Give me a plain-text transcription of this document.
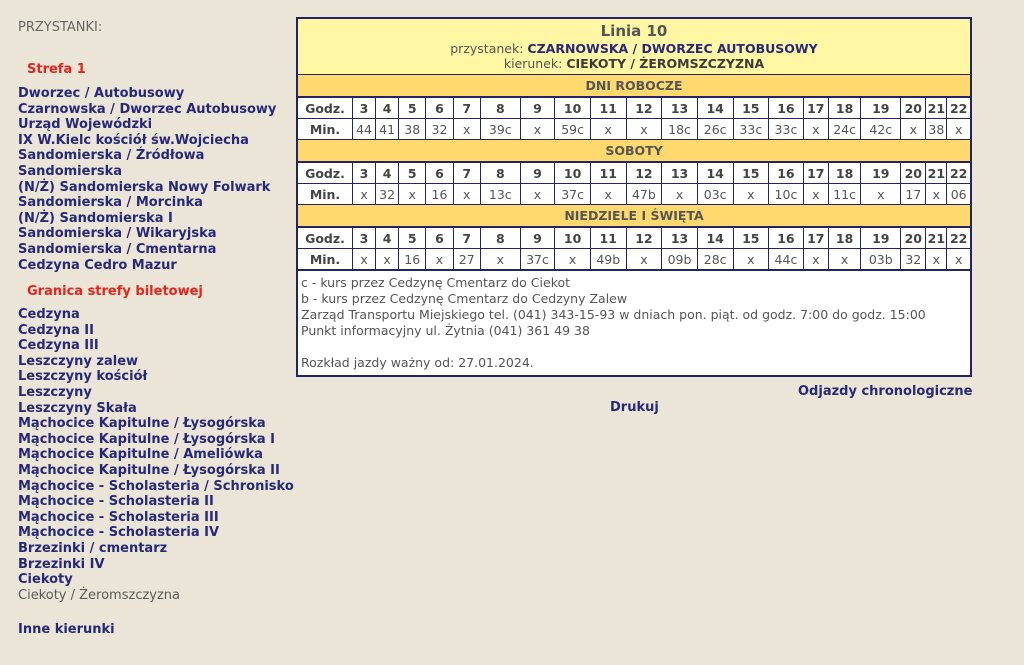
PRZYSTANKI:
Strefa 1
Dworzec / Autobusowy
Czarnowska / Dworzec Autobusowy
Urząd Wojewódzki
IX W.Kielc kościół św.Wojciecha
Sandomierska / Źródłowa
Sandomierska
(N/Ż) Sandomierska Nowy Folwark
Sandomierska / Morcinka
(N/Ż) Sandomierska I
Sandomierska / Wikaryjska
Sandomierska / Cmentarna
Cedzyna Cedro Mazur
Granica strefy biletowej
Cedzyna
Cedzyna II
Cedzyna III
Leszczyny zalew
Leszczyny kościół
Leszczyny
Leszczyny Skała
Mąchocice Kapitulne / Łysogórska
Mąchocice Kapitulne / Łysogórska I
Mąchocice Kapitulne / Ameliówka
Mąchocice Kapitulne / Łysogórska II
Mąchocice - Scholasteria / Schronisko
Mąchocice - Scholasteria II
Mąchocice - Scholasteria III
Mąchocice - Scholasteria IV
Brzezinki / cmentarz
Brzezinki IV
Ciekoty
Ciekoty / Żeromszczyzna
Inne kierunki
Linia 10
przystanek: CZARNOWSKA / DWORZEC AUTOBUSOWY
kierunek: CIEKOTY / ŻEROMSZCZYZNA
DNI ROBOCZE
Godz.	3	4	5	6	7	8	9	10	11	12	13	14	15	16	17	18	19	20	21	22
Min.	44	41	38	32	x	39c	x	59c	x	x	18c	26c	33c	33c	x	24c	42c	x	38	x
SOBOTY
Godz.	3	4	5	6	7	8	9	10	11	12	13	14	15	16	17	18	19	20	21	22
Min.	x	32	x	16	x	13c	x	37c	x	47b	x	03c	x	10c	x	11c	x	17	x	06
NIEDZIELE I ŚWIĘTA
Godz.	3	4	5	6	7	8	9	10	11	12	13	14	15	16	17	18	19	20	21	22
Min.	x	x	16	x	27	x	37c	x	49b	x	09b	28c	x	44c	x	x	03b	32	x	x
c - kurs przez Cedzynę Cmentarz do Ciekot
b - kurs przez Cedzynę Cmentarz do Cedzyny Zalew
Zarząd Transportu Miejskiego tel. (041) 343-15-93 w dniach pon. piąt. od godz. 7:00 do godz. 15:00
Punkt informacyjny ul. Żytnia (041) 361 49 38
Rozkład jazdy ważny od: 27.01.2024.
Odjazdy chronologiczne
Drukuj
